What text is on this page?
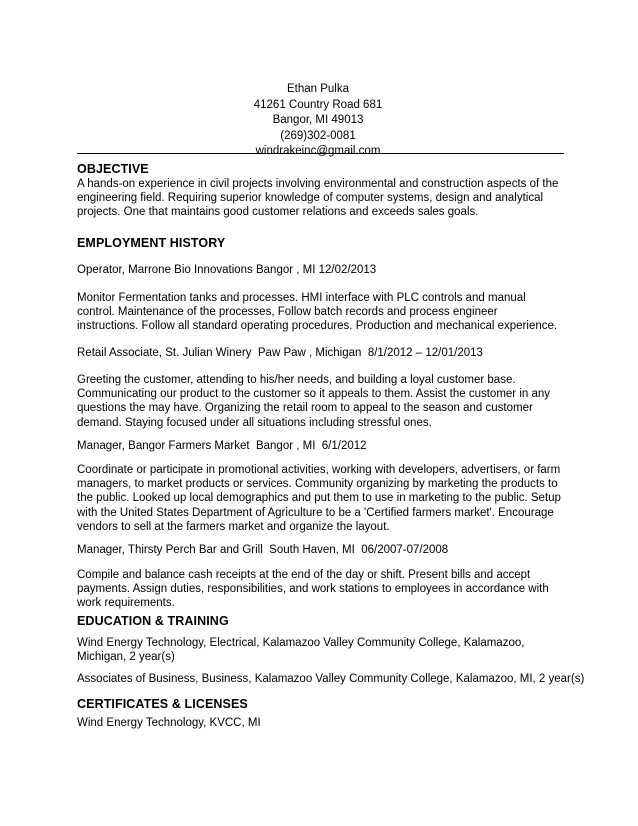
Ethan Pulka
41261 Country Road 681
Bangor, MI 49013
(269)302-0081
windrakeinc@gmail.com
OBJECTIVE
A hands-on experience in civil projects involving environmental and construction aspects of the engineering field. Requiring superior knowledge of computer systems, design and analytical projects. One that maintains good customer relations and exceeds sales goals.
EMPLOYMENT HISTORY
Operator, Marrone Bio Innovations Bangor , MI 12/02/2013
Monitor Fermentation tanks and processes. HMI interface with PLC controls and manual control. Maintenance of the processes, Follow batch records and process engineer instructions. Follow all standard operating procedures. Production and mechanical experience.
Retail Associate, St. Julian Winery  Paw Paw , Michigan  8/1/2012 – 12/01/2013
Greeting the customer, attending to his/her needs, and building a loyal customer base. Communicating our product to the customer so it appeals to them. Assist the customer in any questions the may have. Organizing the retail room to appeal to the season and customer demand. Staying focused under all situations including stressful ones.
Manager, Bangor Farmers Market  Bangor , MI  6/1/2012
Coordinate or participate in promotional activities, working with developers, advertisers, or farm managers, to market products or services. Community organizing by marketing the products to the public. Looked up local demographics and put them to use in marketing to the public. Setup with the United States Department of Agriculture to be a 'Certified farmers market'. Encourage vendors to sell at the farmers market and organize the layout.
Manager, Thirsty Perch Bar and Grill  South Haven, MI  06/2007-07/2008
Compile and balance cash receipts at the end of the day or shift. Present bills and accept payments. Assign duties, responsibilities, and work stations to employees in accordance with work requirements.
EDUCATION & TRAINING
Wind Energy Technology, Electrical, Kalamazoo Valley Community College, Kalamazoo, Michigan, 2 year(s)
Associates of Business, Business, Kalamazoo Valley Community College, Kalamazoo, MI, 2 year(s)
CERTIFICATES & LICENSES
Wind Energy Technology, KVCC, MI
